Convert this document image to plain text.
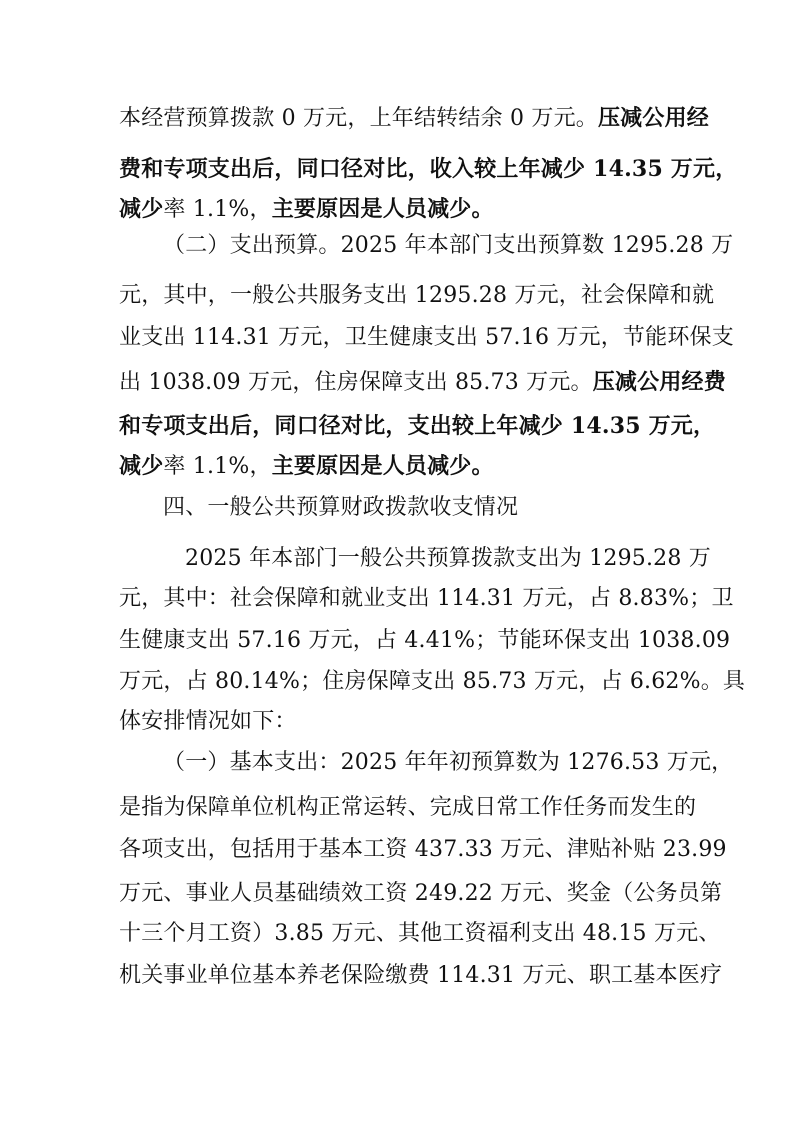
本经营预算拨款 0 万元，上年结转结余 0 万元。压减公用经
费和专项支出后，同口径对比，收入较上年减少 14.35 万元，
减少率 1.1%，主要原因是人员减少。
（二）支出预算。2025 年本部门支出预算数 1295.28 万
元，其中，一般公共服务支出 1295.28 万元，社会保障和就
业支出 114.31 万元，卫生健康支出 57.16 万元，节能环保支
出 1038.09 万元，住房保障支出 85.73 万元。压减公用经费
和专项支出后，同口径对比，支出较上年减少 14.35 万元，
减少率 1.1%，主要原因是人员减少。
四、一般公共预算财政拨款收支情况
2025 年本部门一般公共预算拨款支出为 1295.28 万
元，其中：社会保障和就业支出 114.31 万元，占 8.83%；卫
生健康支出 57.16 万元，占 4.41%；节能环保支出 1038.09
万元，占 80.14%；住房保障支出 85.73 万元，占 6.62%。具
体安排情况如下：
（一）基本支出：2025 年年初预算数为 1276.53 万元，
是指为保障单位机构正常运转、完成日常工作任务而发生的
各项支出，包括用于基本工资 437.33 万元、津贴补贴 23.99
万元、事业人员基础绩效工资 249.22 万元、奖金（公务员第
十三个月工资）3.85 万元、其他工资福利支出 48.15 万元、
机关事业单位基本养老保险缴费 114.31 万元、职工基本医疗
